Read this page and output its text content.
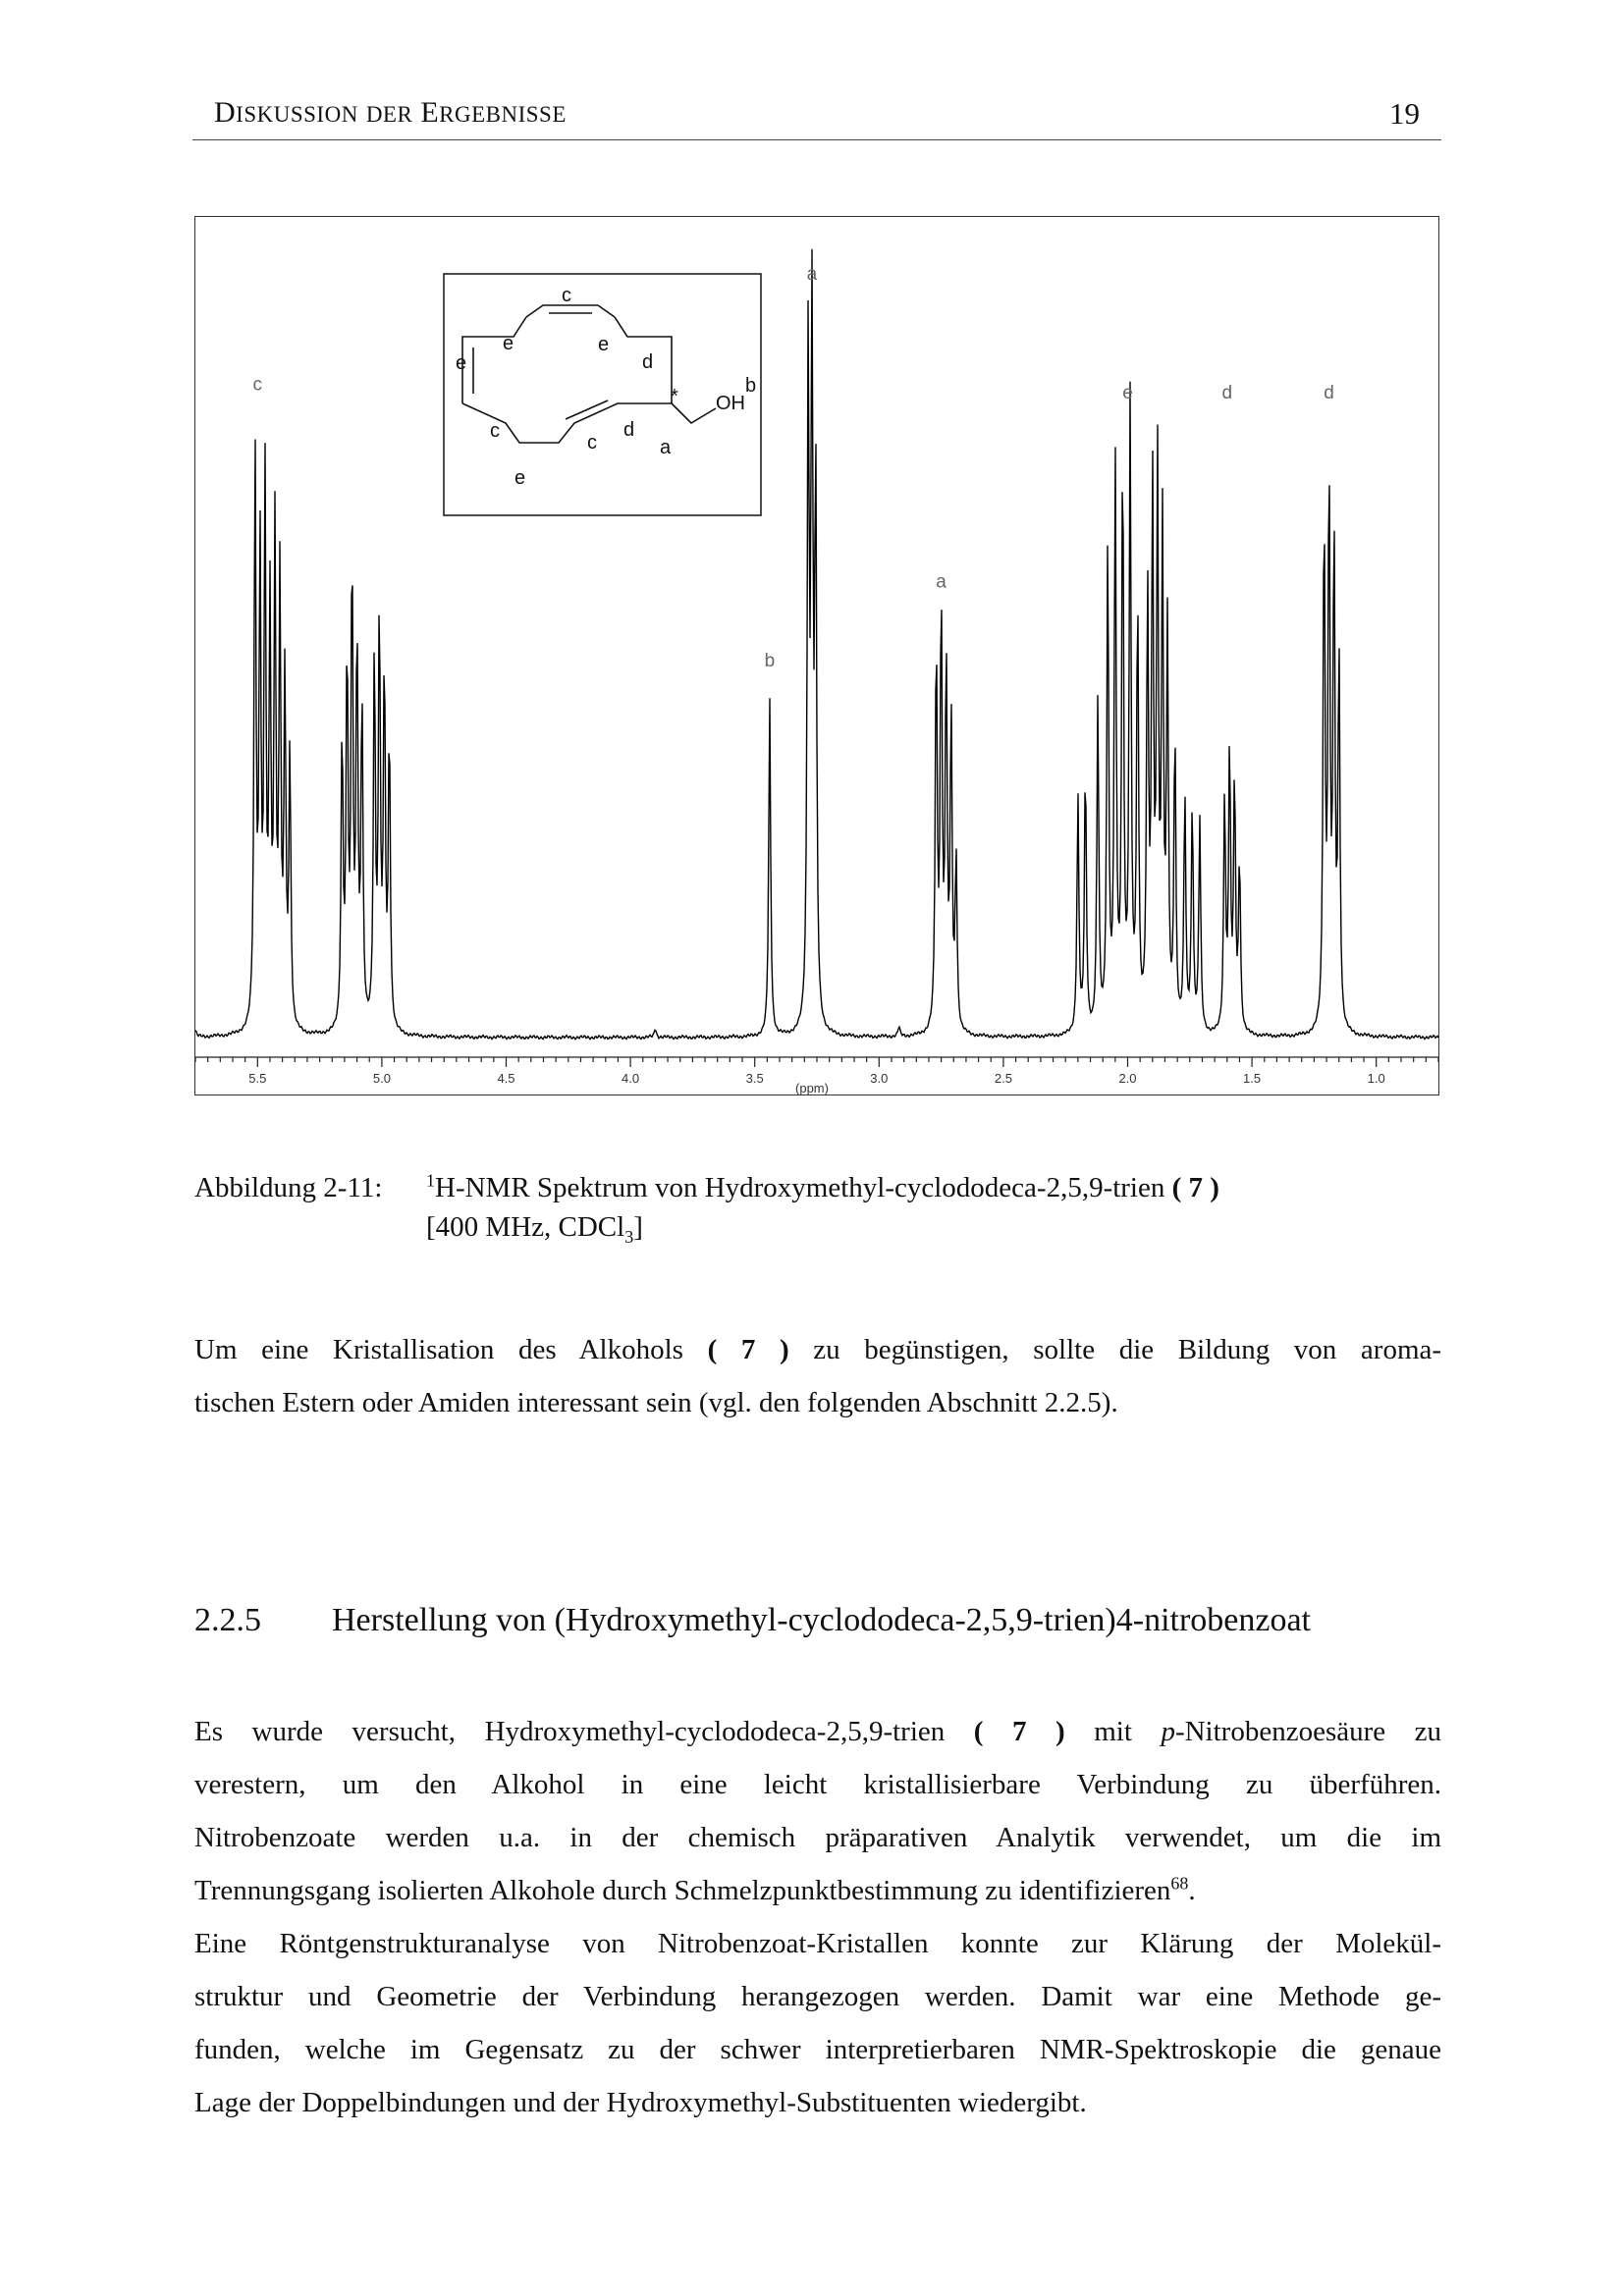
DISKUSSION DER ERGEBNISSE	19
5.5	5.0	4.5	4.0	3.5	3.0	2.5	2.0	1.5	1.0
c
a
b
a
e	d	d
(ppm)
c
e
e
e
d
b
OH
*
c
c
d
a
e
Abbildung 2-11: $^1$H-NMR Spektrum von Hydroxymethyl-cyclododeca-2,5,9-trien ( 7 )
[400 MHz, CDCl$_3$]
Um eine Kristallisation des Alkohols ( 7 ) zu begünstigen, sollte die Bildung von aroma-
tischen Estern oder Amiden interessant sein (vgl. den folgenden Abschnitt 2.2.5).
2.2.5 Herstellung von (Hydroxymethyl-cyclododeca-2,5,9-trien)4-nitrobenzoat
Es wurde versucht, Hydroxymethyl-cyclododeca-2,5,9-trien ( 7 ) mit p-Nitrobenzoesäure zu
verestern, um den Alkohol in eine leicht kristallisierbare Verbindung zu überführen.
Nitrobenzoate werden u.a. in der chemisch präparativen Analytik verwendet, um die im
Trennungsgang isolierten Alkohole durch Schmelzpunktbestimmung zu identifizieren$^{68}$.
Eine Röntgenstrukturanalyse von Nitrobenzoat-Kristallen konnte zur Klärung der Molekül-
struktur und Geometrie der Verbindung herangezogen werden. Damit war eine Methode ge-
funden, welche im Gegensatz zu der schwer interpretierbaren NMR-Spektroskopie die genaue
Lage der Doppelbindungen und der Hydroxymethyl-Substituenten wiedergibt.
